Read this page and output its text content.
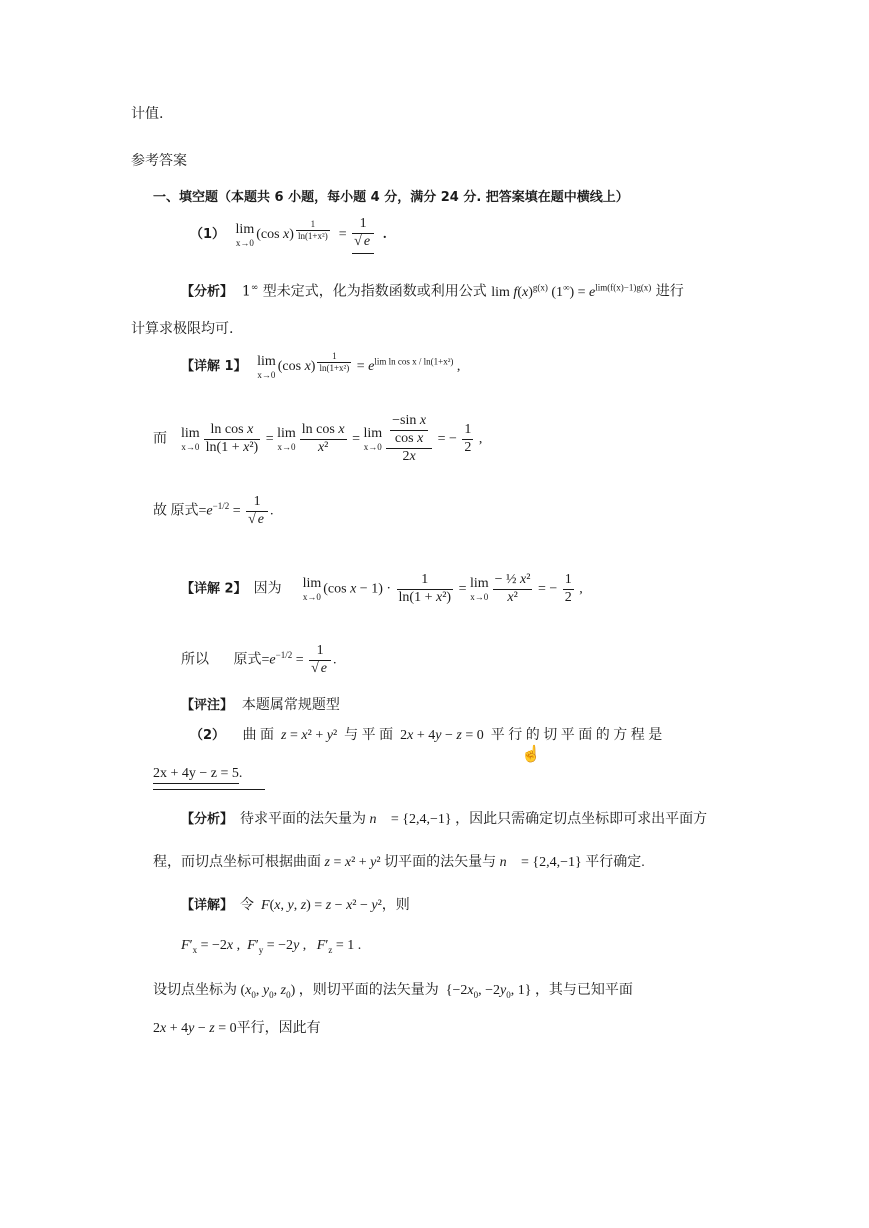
计值.
参考答案
一、填空题（本题共 6 小题，每小题 4 分，满分 24 分. 把答案填在题中横线上）
（1） lim
x→0
(cos x) $^{\frac{1}{\text{ln(1+x²)}}} = \frac{1}{√ e}$ .
【分析】 1∞ 型未定式，化为指数函数或利用公式 $\lim f(x)^{g(x)}$ $(1^\infty) = e^{lim(f(x)-1)g(x)}$ 进行
计算求极限均可.
【详解 1】 lim
x→0
(cos x) $^{\frac{1}{\text{ln(1+x²)}}} = e^{lim ln cos x / ln(1+x^2)}$ ,
而 lim
$x\to 0 \frac{\text{ln cos x}}{\text{ln(1 + x²)}} = \lim$
$x\to 0 \frac{\text{ln cos x}}{\text{x²}} = \lim$
$x\to 0 \frac{\frac{\text{−sin x}}{\text{cos x}}}{2x}$ = − $\frac{1}{2}$ ,
故 原式$=e^{-1/2} = \frac{1}{√ e}$ .
【详解 2】 因为 lim
x→0
(cos $x - 1) \cdot \frac{1}{\text{ln(1 + x²)}} = \lim$
$x\to 0 \frac{\text{− ½ x²}}{\text{x²}}$ = − $\frac{1}{2}$ ,
所以 原式$=e^{-1/2} = \frac{1}{√ e}$ .
【评注】 本题属常规题型
（2） 曲 面 z = x² + y²  与 平 面  2x + 4y − z = 0  平 行 的 切 平 面 的 方 程 是
☝
2x + 4y − z = 5.
【分析】 待求平面的法矢量为 n⃗ = {2,4,−1} ，因此只需确定切点坐标即可求出平面方
程，而切点坐标可根据曲面 z = x² + y² 切平面的法矢量与 n⃗ = {2,4,−1} 平行确定.
【详解】 令 F(x, y, z) = z − x² − y²，则
$F'_x = -2x$ ,  $F'_y = -2y$ ,   $F'_z = 1$ .
设切点坐标为 ($x_0$, $y_0$, $z_0$) ，则切平面的法矢量为  {$-2x_0$, $-2y_0$, 1} ，其与已知平面
2x + 4y − z = 0平行，因此有
